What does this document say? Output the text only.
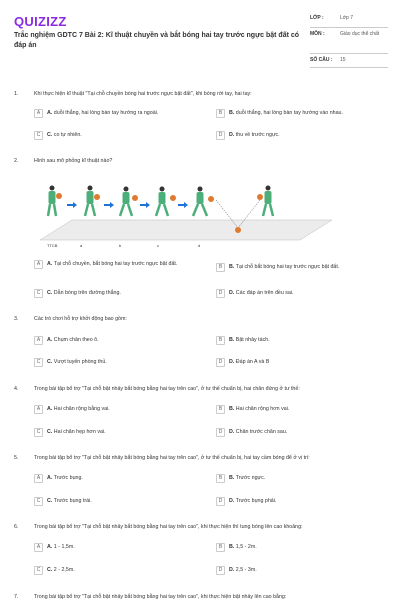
QUIZIZZ
Trắc nghiệm GDTC 7 Bài 2: Kĩ thuật chuyền và bắt bóng hai tay trước ngực bật đất có đáp án
LỚP :	Lớp 7
MÔN :	Giáo dục thể chất
SỐ CÂU :	15
1.	Khi thực hiện kĩ thuật "Tại chỗ chuyền bóng hai trước ngực bật đất", khi bóng rời tay, hai tay:
A	A. duỗi thẳng, hai lòng bàn tay hướng ra ngoài.	B	B. duỗi thẳng, hai lòng bàn tay hướng vào nhau.
C	C. co tự nhiên.	D	D. thu về trước ngực.
2.	Hình sau mô phỏng kĩ thuật nào?
TTCB	a	b	c	d
A	A. Tại chỗ chuyền, bắt bóng hai tay trước ngực bật đất.	B	B. Tại chỗ bắt bóng hai tay trước ngực bật đất.
C	C. Dẫn bóng trên đường thẳng.	D	D. Các đáp án trên đều sai.
3.	Các trò chơi hỗ trợ khởi động bao gồm:
A	A. Chụm chân theo ô.	B	B. Bật nhảy tách.
C	C. Vượt tuyến phòng thủ.	D	D. Đáp án A và B
4.	Trong bài tập bổ trợ "Tại chỗ bật nhảy bắt bóng bằng hai tay trên cao", ở tư thế chuẩn bị, hai chân đứng ở tư thế:
A	A. Hai chân rộng bằng vai.	B	B. Hai chân rộng hơn vai.
C	C. Hai chân hẹp hơn vai.	D	D. Chân trước chân sau.
5.	Trong bài tập bổ trợ "Tại chỗ bật nhảy bắt bóng bằng hai tay trên cao", ở tư thế chuẩn bị, hai tay cầm bóng để ở vị trí:
A	A. Trước bụng.	B	B. Trước ngực.
C	C. Trước bụng trái.	D	D. Trước bụng phải.
6.	Trong bài tập bổ trợ "Tại chỗ bật nhảy bắt bóng bằng hai tay trên cao", khi thực hiện thì tung bóng lên cao khoảng:
A	A. 1 - 1,5m.	B	B. 1,5 - 2m.
C	C. 2 - 2,5m.	D	D. 2,5 - 3m.
7.	Trong bài tập bổ trợ "Tại chỗ bật nhảy bắt bóng bằng hai tay trên cao", khi thực hiện bật nhảy lên cao bằng:
